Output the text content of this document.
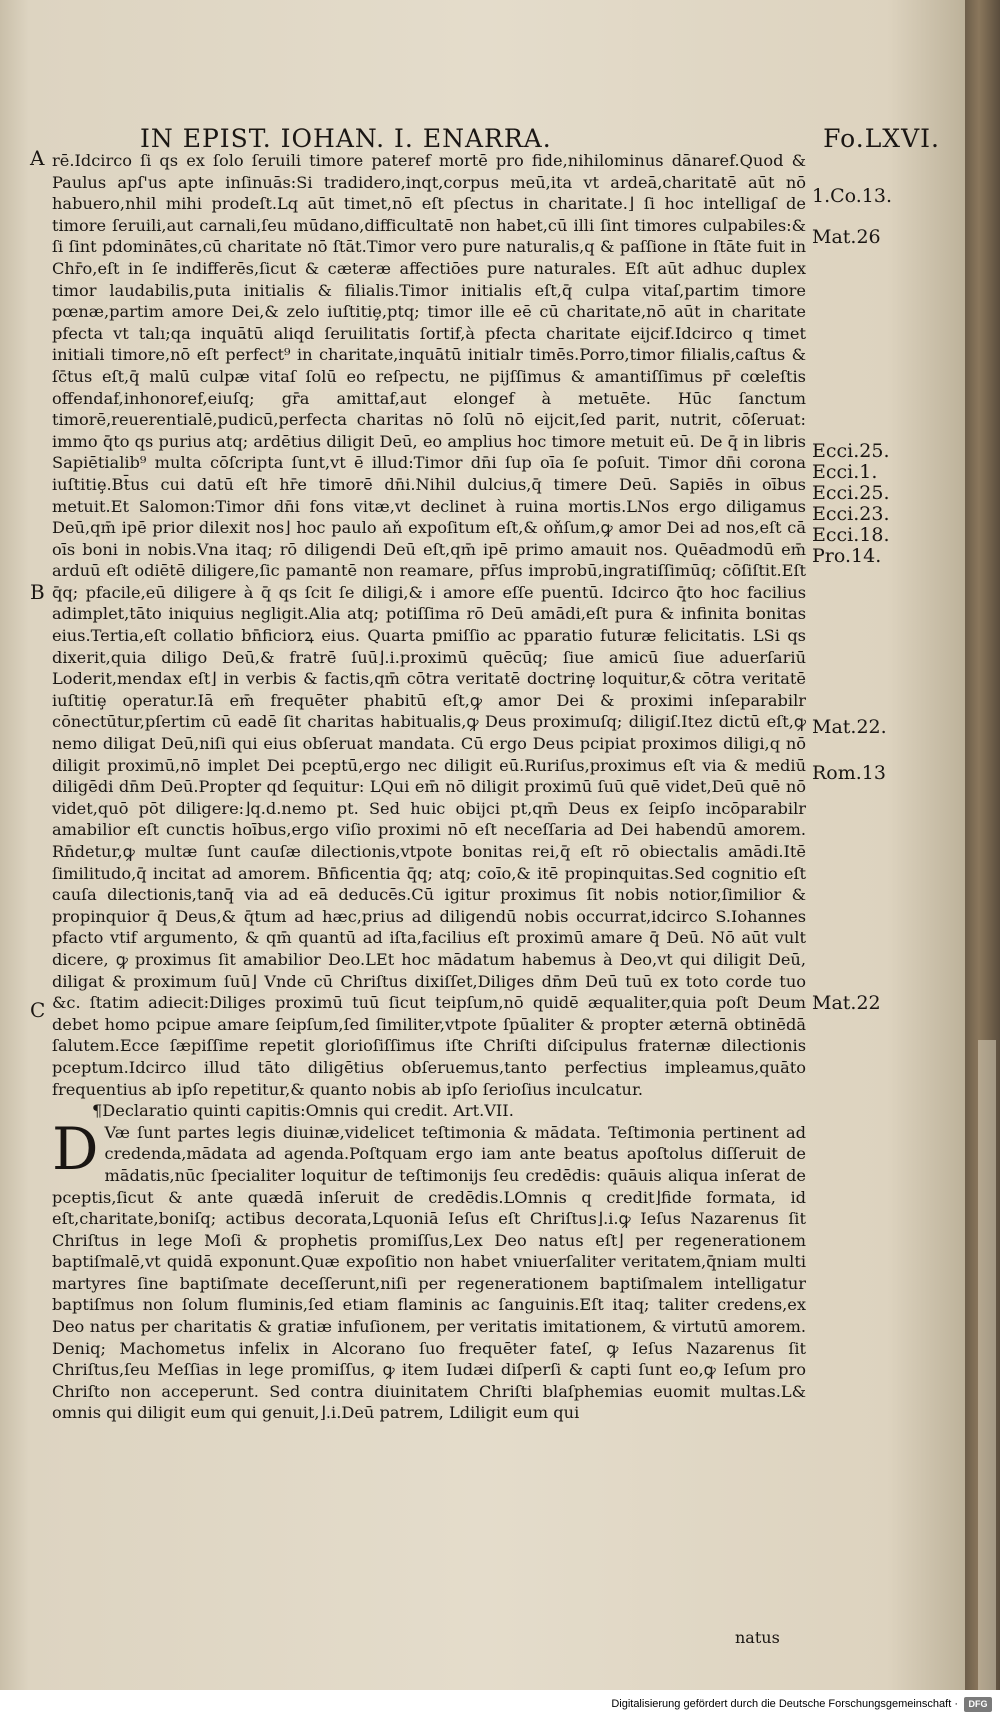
IN EPIST. IOHAN. I. ENARRA.	Fo.LXVI.
A
B
C

rē.Idcirco ſi qs ex ſolo ſeruili timore pateref mortē pro fide,nihilominus dānaref.Quod & Paulus apſ'us apte inſinuās:Si tradidero,inqt,corpus meū,ita vt ardeā,charitatē aūt nō habuero,nhil mihi prodeſt.Lq aūt timet,nō eſt pſectus in charitate.⌋ ſi hoc intelligaſ de timore ſeruili,aut carnali,ſeu mūdano,difficultatē non habet,cū illi ſint timores culpabiles:& ſi ſint pdominātes,cū charitate nō ſtāt.Timor vero pure naturalis,q & paſſione in ſtāte fuit in Chr̄o,eſt in ſe indifferēs,ſicut & cæteræ affectiōes pure naturales. Eſt aūt adhuc duplex timor laudabilis,puta initialis & filialis.Timor initialis eſt,q̄ culpa vitaſ,partim timore pœnæ,partim amore Dei,& zelo iuſtitiȩ,ptq; timor ille eē cū charitate,nō aūt in charitate pfecta vt talı;qa inquātū aliqd ſeruilitatis ſortif,à pfecta charitate eijcif.Idcirco q timet initiali timore,nō eſt perfect⁹ in charitate,inquātū initialr timēs.Porro,timor filialis,caſtus & ſc̄tus eſt,q̄ malū culpæ vitaſ ſolū eo reſpectu, ne pijſſimus & amantiſſimus pr̄ cœleſtis offendaf,inhonoref,eiuſq; gr̄a amittaf,aut elongef à metuēte. Hūc ſanctum timorē,reuerentialē,pudicū,perfecta charitas nō ſolū nō eijcit,ſed parit, nutrit, cōſeruat: immo q̄to qs purius atq; ardētius diligit Deū, eo amplius hoc timore metuit eū. De q̄ in libris Sapiētialib⁹ multa cōſcripta ſunt,vt ē illud:Timor dn̄i ſup oīa ſe poſuit. Timor dn̄i corona iuſtitiȩ.Bt̄us cui datū eſt hr̄e timorē dn̄i.Nihil dulcius,q̄ timere Deū. Sapiēs in oībus metuit.Et Salomon:Timor dn̄i fons vitæ,vt declinet à ruina mortis.LNos ergo diligamus Deū,qm̄ ipē prior dilexit nos⌋ hoc paulo aň expoſitum eſt,& oňſum,ꝙ amor Dei ad nos,eſt cā oīs boni in nobis.Vna itaq; rō diligendi Deū eſt,qm̄ ipē primo amauit nos. Quēadmodū em̄ arduū eſt odiētē diligere,ſic pamantē non reamare, pr̄ſus improbū,ingratiſſimūq; cōſiſtit.Eſt q̄q; pfacile,eū diligere à q̄ qs ſcit ſe diligi,& i amore eſſe puentū. Idcirco q̄to hoc facilius adimplet,tāto iniquius negligit.Alia atq; potiſſima rō Deū amādi,eſt pura & infinita bonitas eius.Tertia,eſt collatio bn̄ficiorꝝ eius. Quarta pmiſſio ac pparatio futuræ felicitatis. LSi qs dixerit,quia diligo Deū,& fratrē ſuū⌋.i.proximū quēcūq; ſiue amicū ſiue aduerſariū Loderit,mendax eſt⌋ in verbis & factis,qm̄ cōtra veritatē doctrinȩ loquitur,& cōtra veritatē iuſtitiȩ operatur.Iā em̄ frequēter phabitū eſt,ꝙ amor Dei & proximi inſeparabilr cōnectūtur,pſertim cū eadē ſit charitas habitualis,ꝙ Deus proximuſq; diligiſ.Itez dictū eſt,ꝙ nemo diligat Deū,niſi qui eius obſeruat mandata. Cū ergo Deus pcipiat proximos diligi,q nō diligit proximū,nō implet Dei pceptū,ergo nec diligit eū.Ruriſus,proximus eſt via & mediū diligēdi dn̄m Deū.Propter qd ſequitur: LQui em̄ nō diligit proximū ſuū quē videt,Deū quē nō videt,quō pōt diligere:⌋q.d.nemo pt. Sed huic obijci pt,qm̄ Deus ex ſeipſo incōparabilr amabilior eſt cunctis hoībus,ergo viſio proximi nō eſt neceſſaria ad Dei habendū amorem. Rn̄detur,ꝙ multæ ſunt cauſæ dilectionis,vtpote bonitas rei,q̄ eſt rō obiectalis amādi.Itē ſimilitudo,q̄ incitat ad amorem. Bn̄ficentia q̄q; atq; coīo,& itē propinquitas.Sed cognitio eſt cauſa dilectionis,tanq̄ via ad eā deducēs.Cū igitur proximus ſit nobis notior,ſimilior & propinquior q̄ Deus,& q̄tum ad hæc,prius ad diligendū nobis occurrat,idcirco S.Iohannes pfacto vtif argumento, & qm̄ quantū ad iſta,facilius eſt proximū amare q̄ Deū. Nō aūt vult dicere, ꝙ proximus ſit amabilior Deo.LEt hoc mādatum habemus à Deo,vt qui diligit Deū, diligat & proximum ſuū⌋ Vnde cū Chriſtus dixiſſet,Diliges dn̄m Deū tuū ex toto corde tuo &c. ſtatim adiecit:Diliges proximū tuū ſicut teipſum,nō quidē æqualiter,quia poſt Deum debet homo pcipue amare ſeipſum,ſed ſimiliter,vtpote ſpūaliter & propter æternā obtinēdā ſalutem.Ecce ſæpiſſime repetit glorioſiſſimus iſte Chriſti diſcipulus fraternæ dilectionis pceptum.Idcirco illud tāto diligētius obſeruemus,tanto perfectius impleamus,quāto frequentius ab ipſo repetitur,& quanto nobis ab ipſo ſerioſius inculcatur.

¶Declaratio quinti capitis:Omnis qui credit. Art.VII.

D Væ ſunt partes legis diuinæ,videlicet teſtimonia & mādata. Teſtimonia pertinent ad credenda,mādata ad agenda.Poſtquam ergo iam ante beatus apoſtolus diſſeruit de mādatis,nūc ſpecialiter loquitur de teſtimonijs ſeu credēdis: quāuis aliqua inſerat de pceptis,ſicut & ante quædā inſeruit de credēdis.LOmnis q credit⌋fide formata, id eſt,charitate,boniſq; actibus decorata,Lquoniā Ieſus eſt Chriſtus⌋.i.ꝙ Ieſus Nazarenus ſit Chriſtus in lege Moſi & prophetis promiſſus,Lex Deo natus eſt⌋ per regenerationem baptiſmalē,vt quidā exponunt.Quæ expoſitio non habet vniuerſaliter veritatem,q̄niam multi martyres ſine baptiſmate deceſſerunt,niſi per regenerationem baptiſmalem intelligatur baptiſmus non ſolum fluminis,ſed etiam flaminis ac ſanguinis.Eſt itaq; taliter credens,ex Deo natus per charitatis & gratiæ infuſionem, per veritatis imitationem, & virtutū amorem. Deniq; Machometus infelix in Alcorano ſuo frequēter fateſ, ꝙ Ieſus Nazarenus ſit Chriſtus,ſeu Meſſias in lege promiſſus, ꝙ item Iudæi diſperſi & capti ſunt eo,ꝙ Ieſum pro Chriſto non acceperunt. Sed contra diuinitatem Chriſti blaſphemias euomit multas.L& omnis qui diligit eum qui genuit,⌋.i.Deū patrem, Ldiligit eum qui

natus
1.Co.13.
Mat.26
Ecci.25.
Ecci.1.
Ecci.25.
Ecci.23.
Ecci.18.
Pro.14.
Mat.22.
Rom.13
Mat.22
Digitalisierung gefördert durch die Deutsche Forschungsgemeinschaft ·	DFG
